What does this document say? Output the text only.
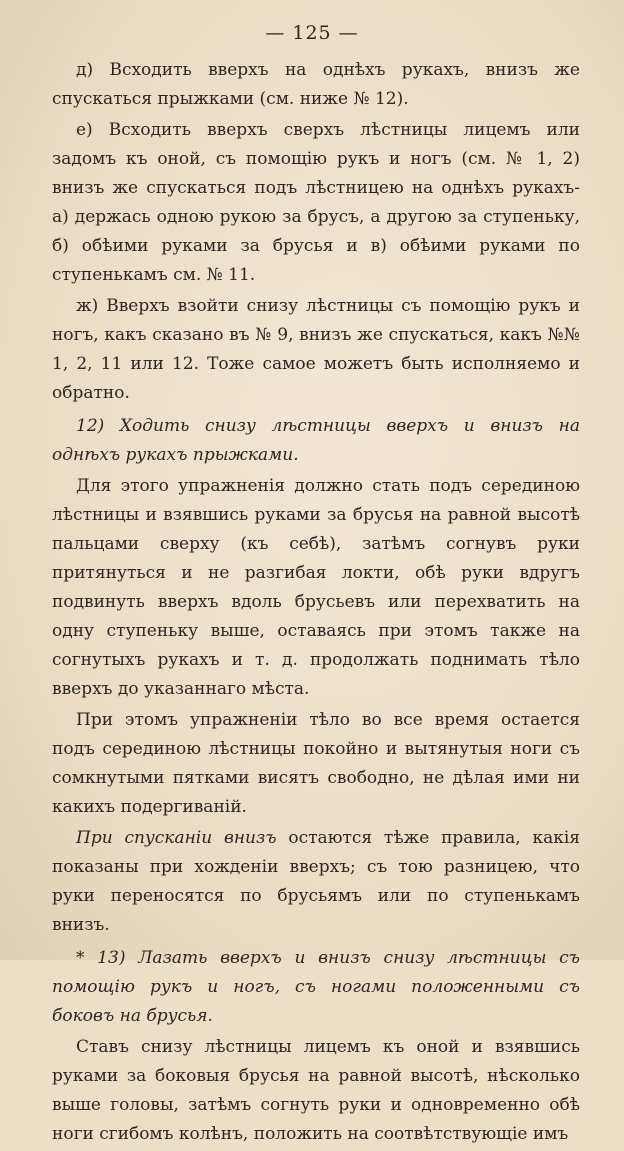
— 125 —

д) Всходить вверхъ на однѣхъ рукахъ, внизъ же спускаться прыжками (см. ниже № 12).

е) Всходить вверхъ сверхъ лѣстницы лицемъ или задомъ къ оной, съ помощію рукъ и ногъ (см. № 1, 2) внизъ же спускаться подъ лѣстницею на однѣхъ рукахъ- а) держась одною рукою за брусъ, а другою за ступеньку, б) обѣими руками за брусья и в) обѣими руками по ступенькамъ см. № 11.

ж) Вверхъ взойти снизу лѣстницы съ помощію рукъ и ногъ, какъ сказано въ № 9, внизъ же спускаться, какъ №№ 1, 2, 11 или 12. Тоже самое можетъ быть исполняемо и обратно.

12) Ходить снизу лѣстницы вверхъ и внизъ на однѣхъ рукахъ прыжками.

Для этого упражненія должно стать подъ серединою лѣстницы и взявшись руками за брусья на равной высотѣ пальцами сверху (къ себѣ), затѣмъ согнувъ руки притянуться и не разгибая локти, обѣ руки вдругъ подвинуть вверхъ вдоль брусьевъ или перехватить на одну ступеньку выше, оставаясь при этомъ также на согнутыхъ рукахъ и т. д. продолжать поднимать тѣло вверхъ до указаннаго мѣста.

При этомъ упражненіи тѣло во все время остается подъ серединою лѣстницы покойно и вытянутыя ноги съ сомкнутыми пятками висятъ свободно, не дѣлая ими ни какихъ подергиваній.

При спусканіи внизъ остаются тѣже правила, какія показаны при хожденіи вверхъ; съ тою разницею, что руки переносятся по брусьямъ или по ступенькамъ внизъ.

* 13) Лазать вверхъ и внизъ снизу лѣстницы съ помощію рукъ и ногъ, съ ногами положенными съ боковъ на брусья.

Ставъ снизу лѣстницы лицемъ къ оной и взявшись руками за боковыя брусья на равной высотѣ, нѣсколько выше головы, затѣмъ согнуть руки и одновременно обѣ ноги сгибомъ колѣнъ, положить на соотвѣтствующіе имъ
